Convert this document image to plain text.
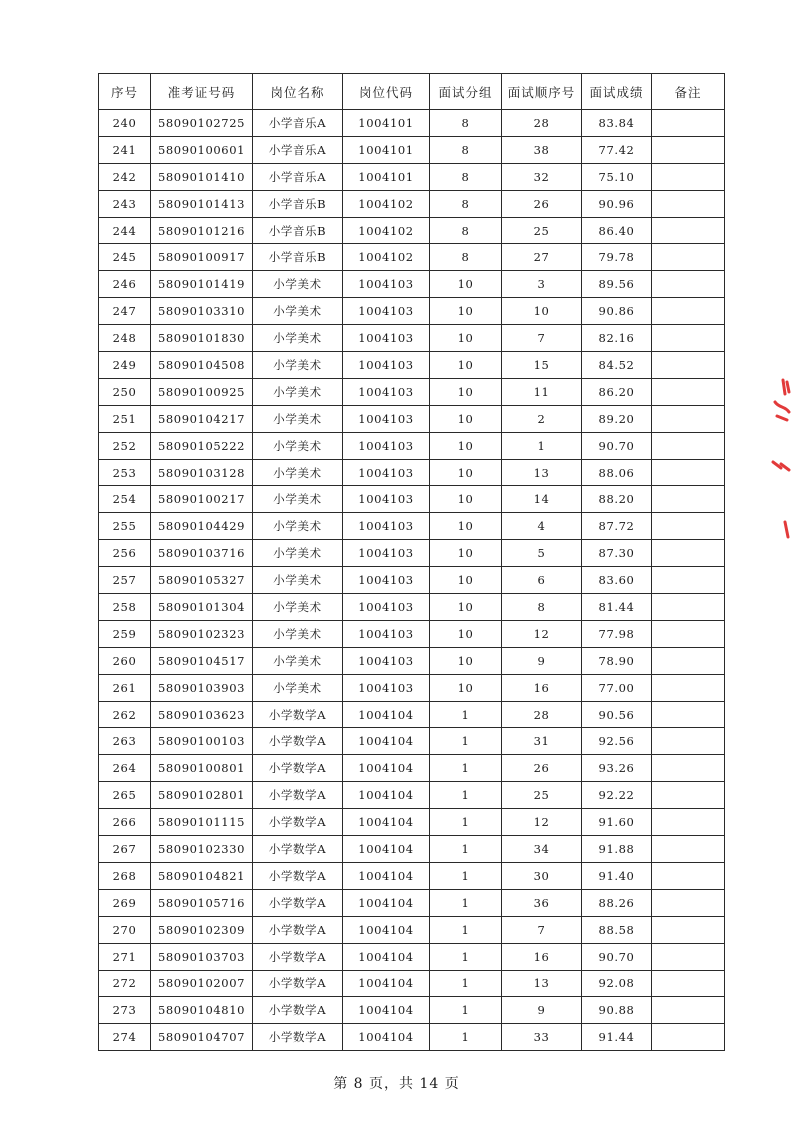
序号	准考证号码	岗位名称	岗位代码	面试分组	面试顺序号	面试成绩	备注
240	58090102725	小学音乐A	1004101	8	28	83.84	
241	58090100601	小学音乐A	1004101	8	38	77.42	
242	58090101410	小学音乐A	1004101	8	32	75.10	
243	58090101413	小学音乐B	1004102	8	26	90.96	
244	58090101216	小学音乐B	1004102	8	25	86.40	
245	58090100917	小学音乐B	1004102	8	27	79.78	
246	58090101419	小学美术	1004103	10	3	89.56	
247	58090103310	小学美术	1004103	10	10	90.86	
248	58090101830	小学美术	1004103	10	7	82.16	
249	58090104508	小学美术	1004103	10	15	84.52	
250	58090100925	小学美术	1004103	10	11	86.20	
251	58090104217	小学美术	1004103	10	2	89.20	
252	58090105222	小学美术	1004103	10	1	90.70	
253	58090103128	小学美术	1004103	10	13	88.06	
254	58090100217	小学美术	1004103	10	14	88.20	
255	58090104429	小学美术	1004103	10	4	87.72	
256	58090103716	小学美术	1004103	10	5	87.30	
257	58090105327	小学美术	1004103	10	6	83.60	
258	58090101304	小学美术	1004103	10	8	81.44	
259	58090102323	小学美术	1004103	10	12	77.98	
260	58090104517	小学美术	1004103	10	9	78.90	
261	58090103903	小学美术	1004103	10	16	77.00	
262	58090103623	小学数学A	1004104	1	28	90.56	
263	58090100103	小学数学A	1004104	1	31	92.56	
264	58090100801	小学数学A	1004104	1	26	93.26	
265	58090102801	小学数学A	1004104	1	25	92.22	
266	58090101115	小学数学A	1004104	1	12	91.60	
267	58090102330	小学数学A	1004104	1	34	91.88	
268	58090104821	小学数学A	1004104	1	30	91.40	
269	58090105716	小学数学A	1004104	1	36	88.26	
270	58090102309	小学数学A	1004104	1	7	88.58	
271	58090103703	小学数学A	1004104	1	16	90.70	
272	58090102007	小学数学A	1004104	1	13	92.08	
273	58090104810	小学数学A	1004104	1	9	90.88	
274	58090104707	小学数学A	1004104	1	33	91.44	
第 8 页，共 14 页
